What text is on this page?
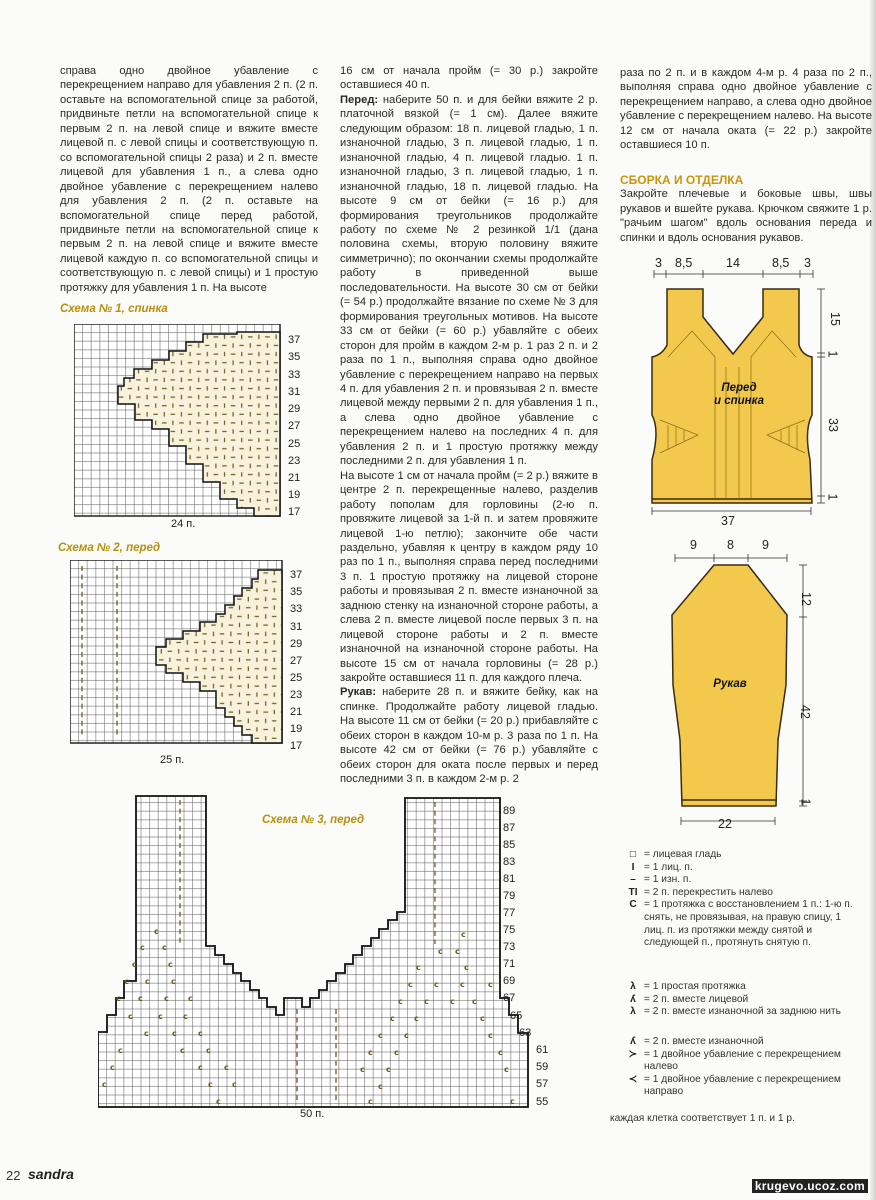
справа одно двойное убавление с перекрещением направо для убавления 2 п. (2 п. оставьте на вспомогательной спице за работой, придвиньте петли на вспомогательной спице к первым 2 п. на левой спице и вяжите вместе лицевой п. с левой спицы и соответствующую п. со вспомогательной спицы 2 раза) и 2 п. вместе лицевой для убавления 1 п., а слева одно двойное убавление с перекрещением налево для убавления 2 п. (2 п. оставьте на вспомогательной спице перед работой, придвиньте петли на вспомогательной спице к первым 2 п. на левой спице и вяжите вместе лицевой каждую п. со вспомогательной спицы и соответствующую п. с левой спицы) и 1 простую протяжку для убавления 1 п. На высоте

16 см от начала пройм (= 30 р.) закройте оставшиеся 40 п.

Перед: наберите 50 п. и для бейки вяжите 2 р. платочной вязкой (= 1 см). Далее вяжите следующим образом: 18 п. лицевой гладью, 1 п. изнаночной гладью, 3 п. лицевой гладью, 1 п. изнаночной гладью, 4 п. лицевой гладью. 1 п. изнаночной гладью, 3 п. лицевой гладью, 1 п. изнаночной гладью, 18 п. лицевой гладью. На высоте 9 см от бейки (= 16 р.) для формирования треугольников продолжайте работу по схеме № 2 резинкой 1/1 (дана половина схемы, вторую половину вяжите симметрично); по окончании схемы продолжайте работу в приведенной выше последовательности. На высоте 30 см от бейки (= 54 р.) продолжайте вязание по схеме № 3 для формирования треугольных мотивов. На высоте 33 см от бейки (= 60 р.) убавляйте с обеих сторон для пройм в каждом 2-м р. 1 раз 2 п. и 2 раза по 1 п., выполняя справа одно двойное убавление с перекрещением направо на первых 4 п. для убавления 2 п. и провязывая 2 п. вместе лицевой между первыми 2 п. для убавления 1 п., а слева одно двойное убавление с перекрещением налево на последних 4 п. для убавления 2 п. и 1 простую протяжку между последними 2 п. для убавления 1 п.

На высоте 1 см от начала пройм (= 2 р.) вяжите в центре 2 п. перекрещенные налево, разделив работу пополам для горловины (2-ю п. провяжите лицевой за 1-й п. и затем провяжите лицевой 1-ю петлю); закончите обе части раздельно, убавляя к центру в каждом ряду 10 раз по 1 п., выполняя справа перед последними 3 п. 1 простую протяжку на лицевой стороне работы и провязывая 2 п. вместе изнаночной за заднюю стенку на изнаночной стороне работы, а слева 2 п. вместе лицевой после первых 3 п. на лицевой стороне работы и 2 п. вместе изнаночной на изнаночной стороне работы. На высоте 15 см от начала горловины (= 28 р.) закройте оставшиеся 11 п. для каждого плеча.

Рукав: наберите 28 п. и вяжите бейку, как на спинке. Продолжайте работу лицевой гладью. На высоте 11 см от бейки (= 20 р.) прибавляйте с обеих сторон в каждом 10-м р. 3 раза по 1 п. На высоте 42 см от бейки (= 76 р.) убавляйте с обеих сторон для оката после первых и перед последними 3 п. в каждом 2-м р. 2

раза по 2 п. и в каждом 4-м р. 4 раза по 2 п., выполняя справа одно двойное убавление с перекрещением направо, а слева одно двойное убавление с перекрещением налево. На высоте 12 см от начала оката (= 22 р.) закройте оставшиеся 10 п.

СБОРКА И ОТДЕЛКА

Закройте плечевые и боковые швы, швы рукавов и вшейте рукава. Крючком свяжите 1 р. "рачьим шагом" вдоль основания переда и спинки и вдоль основания рукавов.

Схема № 1, спинка
37
35
33
31
29
27
25
23
21
19
17
24 п.
Схема № 2, перед
37
35
33
31
29
27
25
23
21
19
17
25 п.
Схема № 3, перед
c
c c
c	c
c c	c
c c	c c
c	c	c
c	c	c
c	c	c
c	c	c
c	c c
c
c
c c
c	c
c	c	c	c
c	c	c c
c c	c
c	c	c
c	c	c
c	c	c
c
c
c
89
87
85
83
81
79
77
75
73
71
69
67
65
63
61
59
57
55
50 п.
3 8,5	14	8,5 3
15
1
33
1
37
Перед
и спинка
9 8 9
12
42
1
22
Рукав
□ = лицевая гладь
I = 1 лиц. п.
– = 1 изн. п.
ΤΙ = 2 п. перекрестить налево
C = 1 протяжка с восстановлением 1 п.: 1-ю п. снять, не провязывая, на правую спицу, 1 лиц. п. из протяжки между снятой и следующей п., протянуть снятую п.
λ = 1 простая протяжка
ʎ = 2 п. вместе лицевой
λ = 2 п. вместе изнаночной за заднюю нить
ʎ = 2 п. вместе изнаночной
≻ = 1 двойное убавление с перекрещением налево
≺ = 1 двойное убавление с перекрещением направо
каждая клетка соответствует 1 п. и 1 р.
22 sandra
krugevo.ucoz.com
